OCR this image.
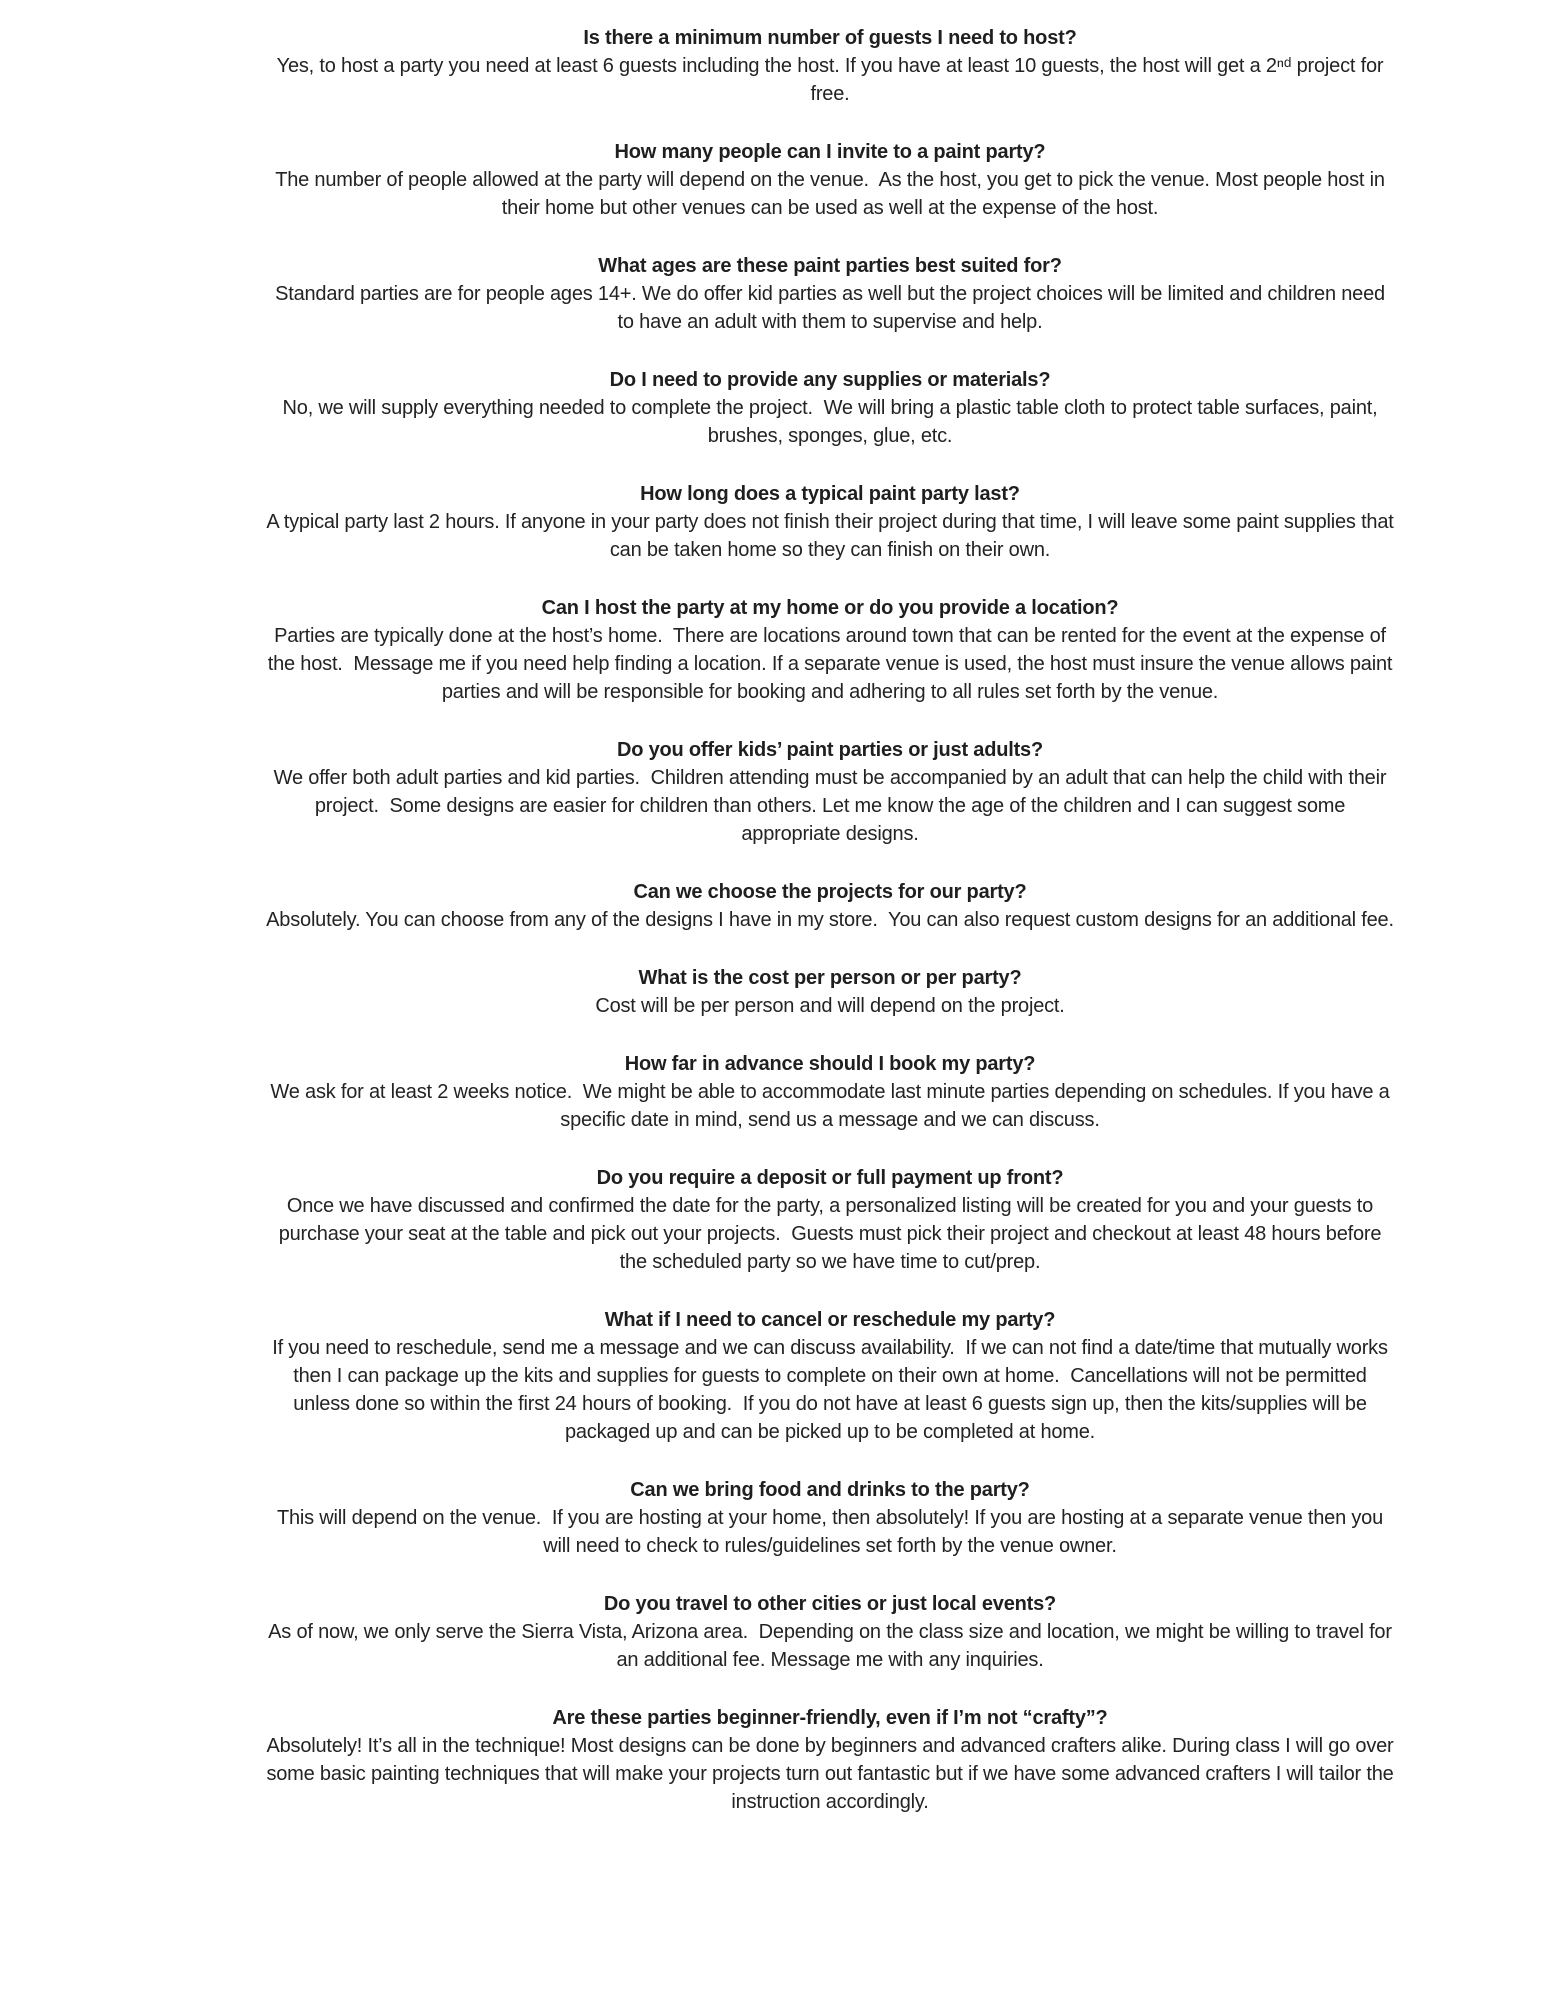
Is there a minimum number of guests I need to host?

Yes, to host a party you need at least 6 guests including the host. If you have at least 10 guests, the host will get a 2ⁿᵈ project for free.

How many people can I invite to a paint party?

The number of people allowed at the party will depend on the venue.  As the host, you get to pick the venue. Most people host in their home but other venues can be used as well at the expense of the host.

What ages are these paint parties best suited for?

Standard parties are for people ages 14+. We do offer kid parties as well but the project choices will be limited and children need to have an adult with them to supervise and help.

Do I need to provide any supplies or materials?

No, we will supply everything needed to complete the project.  We will bring a plastic table cloth to protect table surfaces, paint, brushes, sponges, glue, etc.

How long does a typical paint party last?

A typical party last 2 hours. If anyone in your party does not finish their project during that time, I will leave some paint supplies that can be taken home so they can finish on their own.

Can I host the party at my home or do you provide a location?

Parties are typically done at the host’s home.  There are locations around town that can be rented for the event at the expense of the host.  Message me if you need help finding a location. If a separate venue is used, the host must insure the venue allows paint parties and will be responsible for booking and adhering to all rules set forth by the venue.

Do you offer kids’ paint parties or just adults?

We offer both adult parties and kid parties.  Children attending must be accompanied by an adult that can help the child with their project.  Some designs are easier for children than others. Let me know the age of the children and I can suggest some appropriate designs.

Can we choose the projects for our party?

Absolutely. You can choose from any of the designs I have in my store.  You can also request custom designs for an additional fee.

What is the cost per person or per party?

Cost will be per person and will depend on the project.

How far in advance should I book my party?

We ask for at least 2 weeks notice.  We might be able to accommodate last minute parties depending on schedules. If you have a specific date in mind, send us a message and we can discuss.

Do you require a deposit or full payment up front?

Once we have discussed and confirmed the date for the party, a personalized listing will be created for you and your guests to purchase your seat at the table and pick out your projects.  Guests must pick their project and checkout at least 48 hours before the scheduled party so we have time to cut/prep.

What if I need to cancel or reschedule my party?

If you need to reschedule, send me a message and we can discuss availability.  If we can not find a date/time that mutually works then I can package up the kits and supplies for guests to complete on their own at home.  Cancellations will not be permitted unless done so within the first 24 hours of booking.  If you do not have at least 6 guests sign up, then the kits/supplies will be packaged up and can be picked up to be completed at home.

Can we bring food and drinks to the party?

This will depend on the venue.  If you are hosting at your home, then absolutely! If you are hosting at a separate venue then you will need to check to rules/guidelines set forth by the venue owner.

Do you travel to other cities or just local events?

As of now, we only serve the Sierra Vista, Arizona area.  Depending on the class size and location, we might be willing to travel for an additional fee. Message me with any inquiries.

Are these parties beginner-friendly, even if I’m not “crafty”?

Absolutely! It’s all in the technique! Most designs can be done by beginners and advanced crafters alike. During class I will go over some basic painting techniques that will make your projects turn out fantastic but if we have some advanced crafters I will tailor the instruction accordingly.
